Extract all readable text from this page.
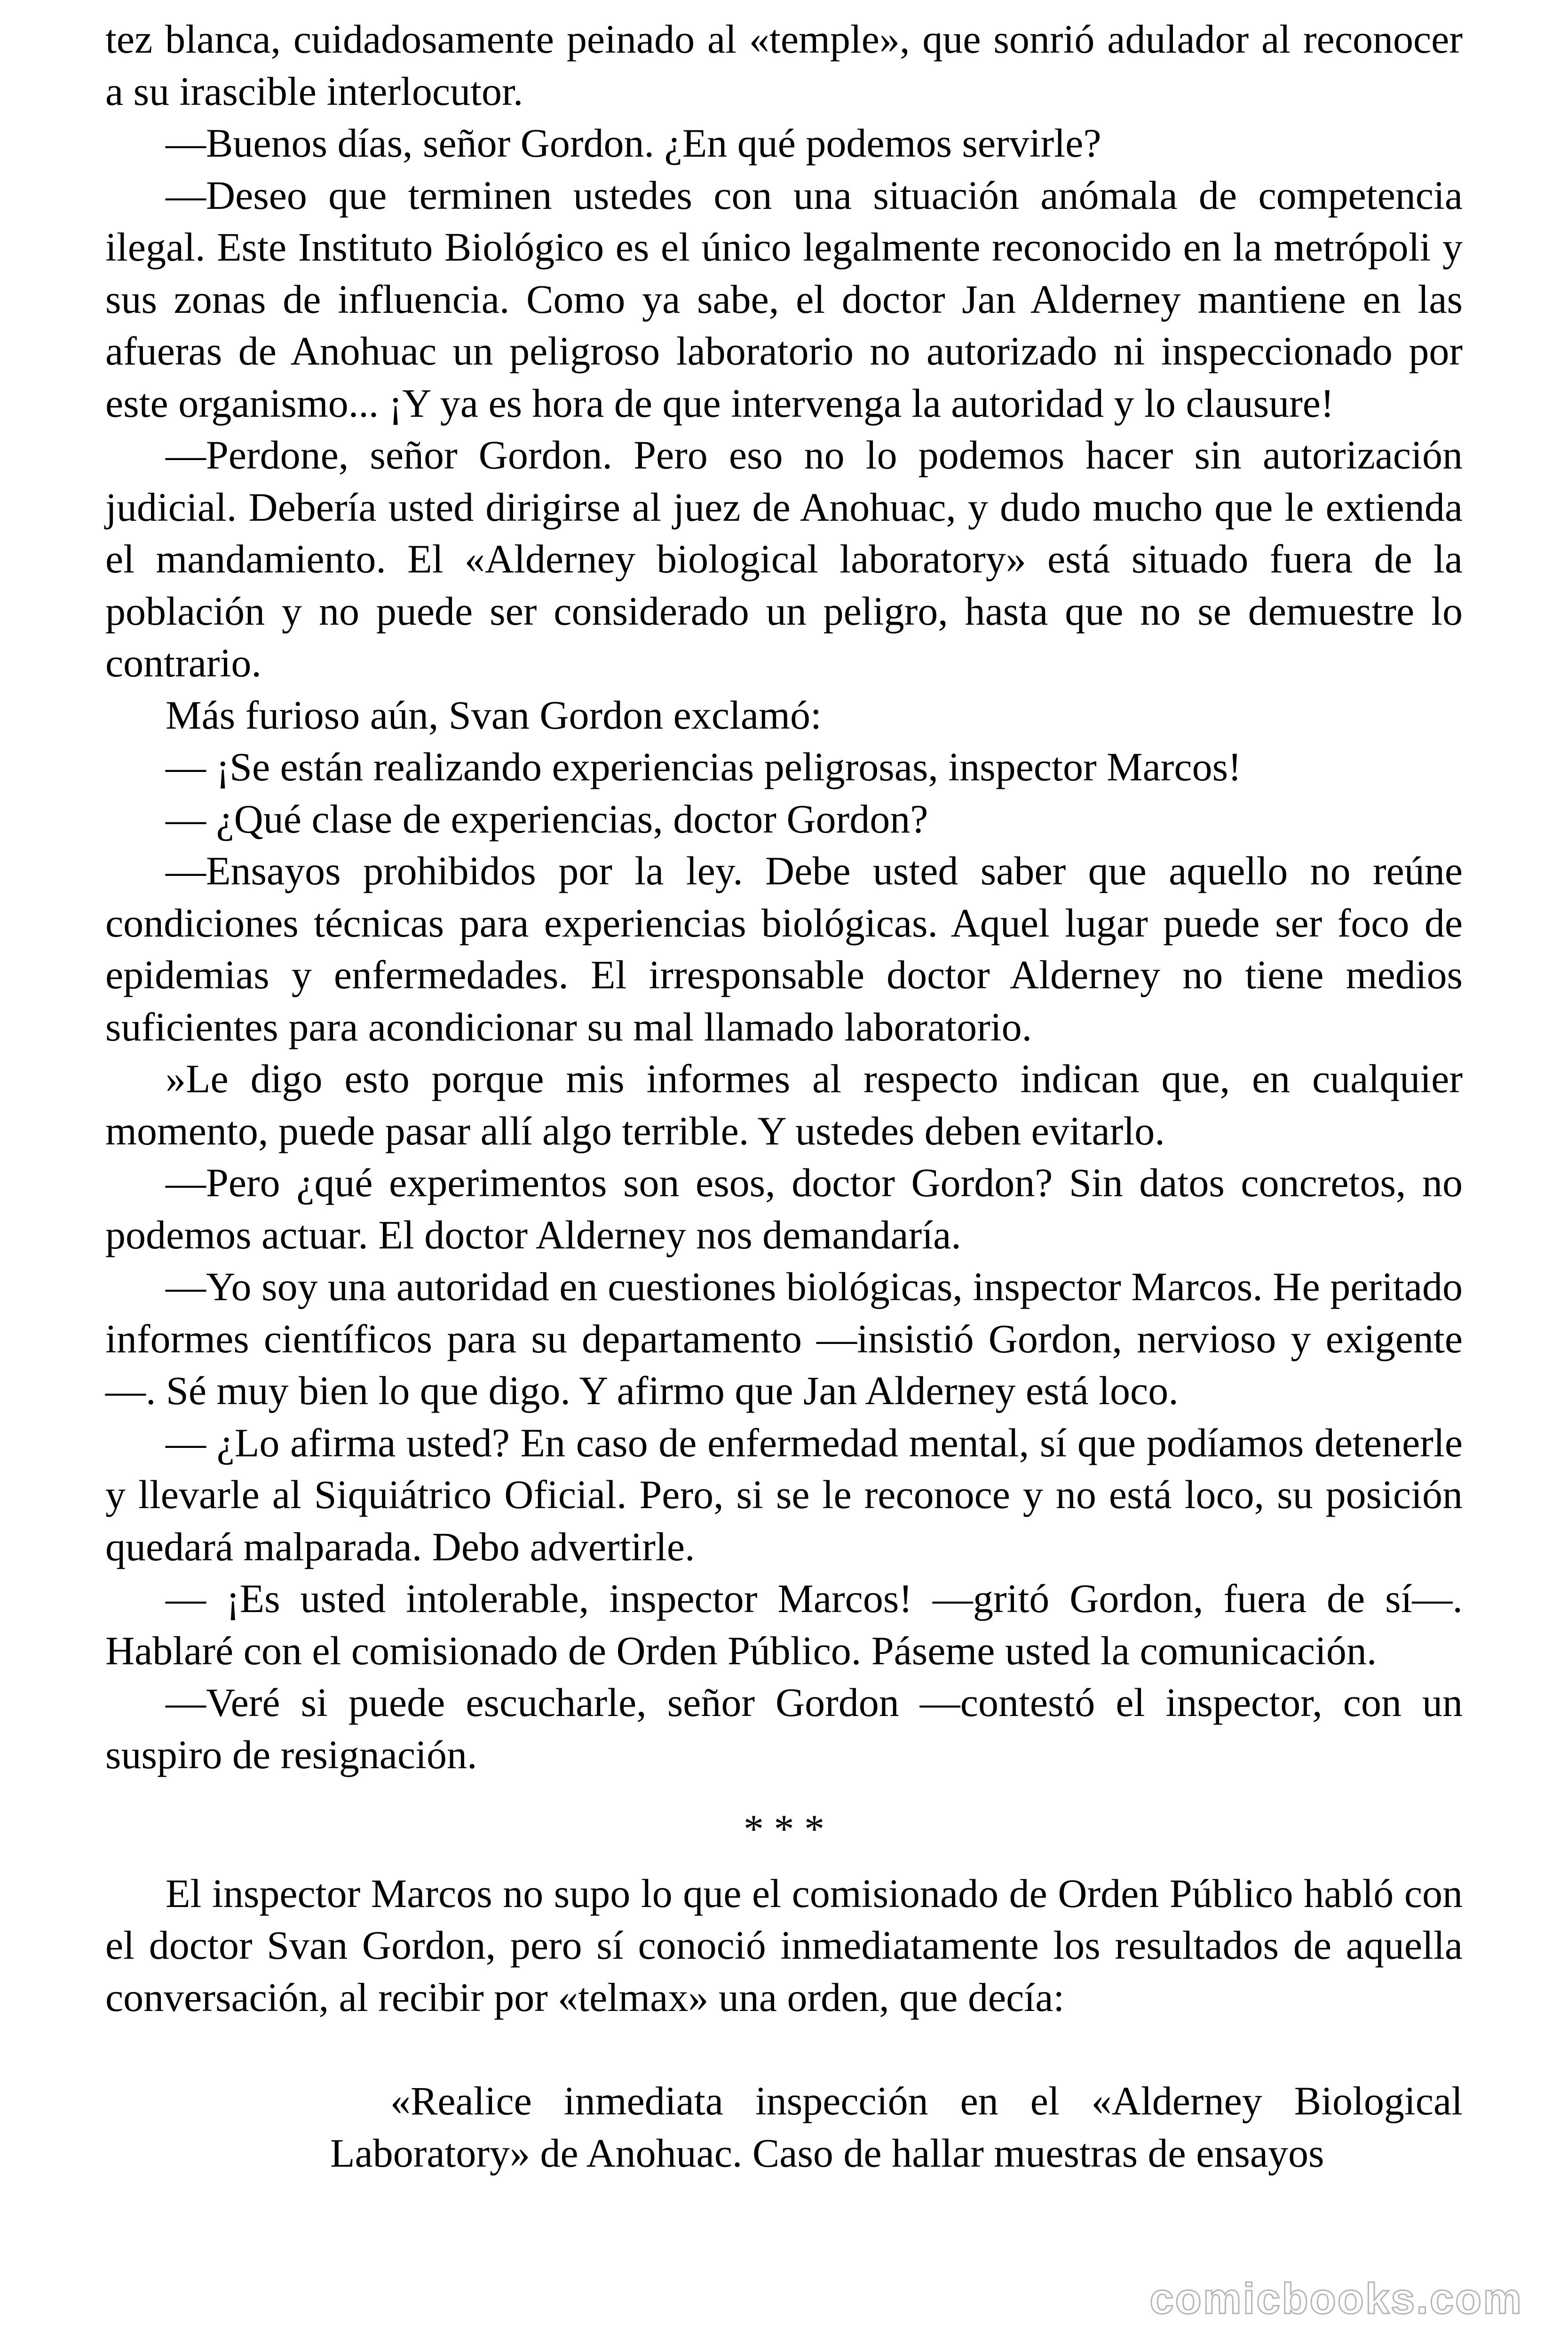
tez blanca, cuidadosamente peinado al «temple», que sonrió adulador al reconocer a su irascible interlocutor.

—Buenos días, señor Gordon. ¿En qué podemos servirle?

—Deseo que terminen ustedes con una situación anómala de competencia ilegal. Este Instituto Biológico es el único legalmente reconocido en la metrópoli y sus zonas de influencia. Como ya sabe, el doctor Jan Alderney mantiene en las afueras de Anohuac un peligroso laboratorio no autorizado ni inspeccionado por este organismo... ¡Y ya es hora de que intervenga la autoridad y lo clausure!

—Perdone, señor Gordon. Pero eso no lo podemos hacer sin autorización judicial. Debería usted dirigirse al juez de Anohuac, y dudo mucho que le extienda el mandamiento. El «Alderney biological laboratory» está situado fuera de la población y no puede ser considerado un peligro, hasta que no se demuestre lo contrario.

Más furioso aún, Svan Gordon exclamó:

— ¡Se están realizando experiencias peligrosas, inspector Marcos!

— ¿Qué clase de experiencias, doctor Gordon?

—Ensayos prohibidos por la ley. Debe usted saber que aquello no reúne condiciones técnicas para experiencias biológicas. Aquel lugar puede ser foco de epidemias y enfermedades. El irresponsable doctor Alderney no tiene medios suficientes para acondicionar su mal llamado laboratorio.

»Le digo esto porque mis informes al respecto indican que, en cualquier momento, puede pasar allí algo terrible. Y ustedes deben evitarlo.

—Pero ¿qué experimentos son esos, doctor Gordon? Sin datos concretos, no podemos actuar. El doctor Alderney nos demandaría.

—Yo soy una autoridad en cuestiones biológicas, inspector Marcos. He peritado informes científicos para su departamento —insistió Gordon, nervioso y exigente—. Sé muy bien lo que digo. Y afirmo que Jan Alderney está loco.

— ¿Lo afirma usted? En caso de enfermedad mental, sí que podíamos detenerle y llevarle al Siquiátrico Oficial. Pero, si se le reconoce y no está loco, su posición quedará malparada. Debo advertirle.

— ¡Es usted intolerable, inspector Marcos! —gritó Gordon, fuera de sí—. Hablaré con el comisionado de Orden Público. Páseme usted la comunicación.

—Veré si puede escucharle, señor Gordon —contestó el inspector, con un suspiro de resignación.

* * *

El inspector Marcos no supo lo que el comisionado de Orden Público habló con el doctor Svan Gordon, pero sí conoció inmediatamente los resultados de aquella conversación, al recibir por «telmax» una orden, que decía:

«Realice inmediata inspección en el «Alderney Biological Laboratory» de Anohuac. Caso de hallar muestras de ensayos

comicbooks.com
